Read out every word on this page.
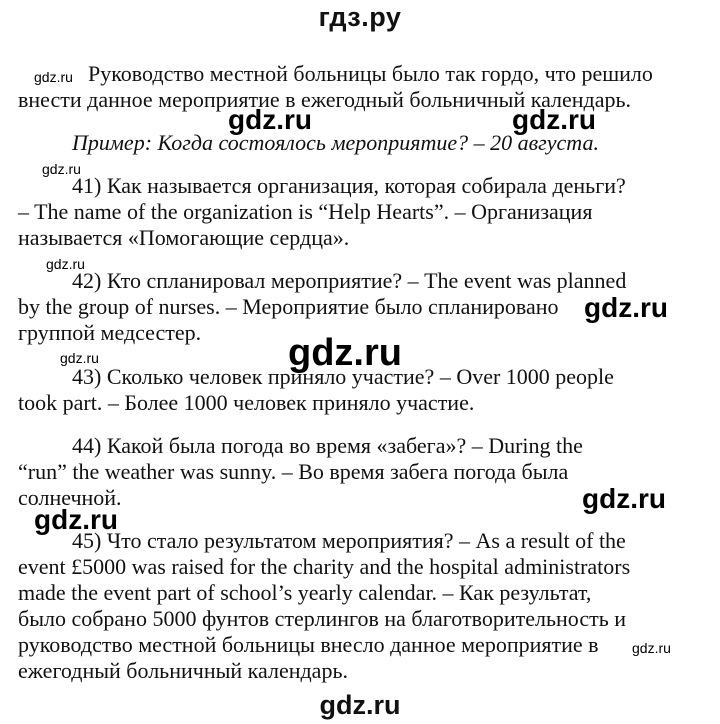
гдз.ру
Руководство местной больницы было так гордо, что решило
внести данное мероприятие в ежегодный больничный календарь.
Пример: Когда состоялось мероприятие? – 20 августа.
41) Как называется организация, которая собирала деньги?
– The name of the organization is “Help Hearts”. – Организация
называется «Помогающие сердца».
42) Кто спланировал мероприятие? – The event was planned
by the group of nurses. – Мероприятие было спланировано
группой медсестер.
43) Сколько человек приняло участие? – Over 1000 people
took part. – Более 1000 человек приняло участие.
44) Какой была погода во время «забега»? – During the
“run” the weather was sunny. – Во время забега погода была
солнечной.
45) Что стало результатом мероприятия? – As a result of the
event £5000 was raised for the charity and the hospital administrators
made the event part of school’s yearly calendar. – Как результат,
было собрано 5000 фунтов стерлингов на благотворительность и
руководство местной больницы внесло данное мероприятие в
ежегодный больничный календарь.
gdz.ru
gdz.ru	gdz.ru
gdz.ru
gdz.ru
gdz.ru
gdz.ru
gdz.ru
gdz.ru
gdz.ru
gdz.ru
gdz.ru
